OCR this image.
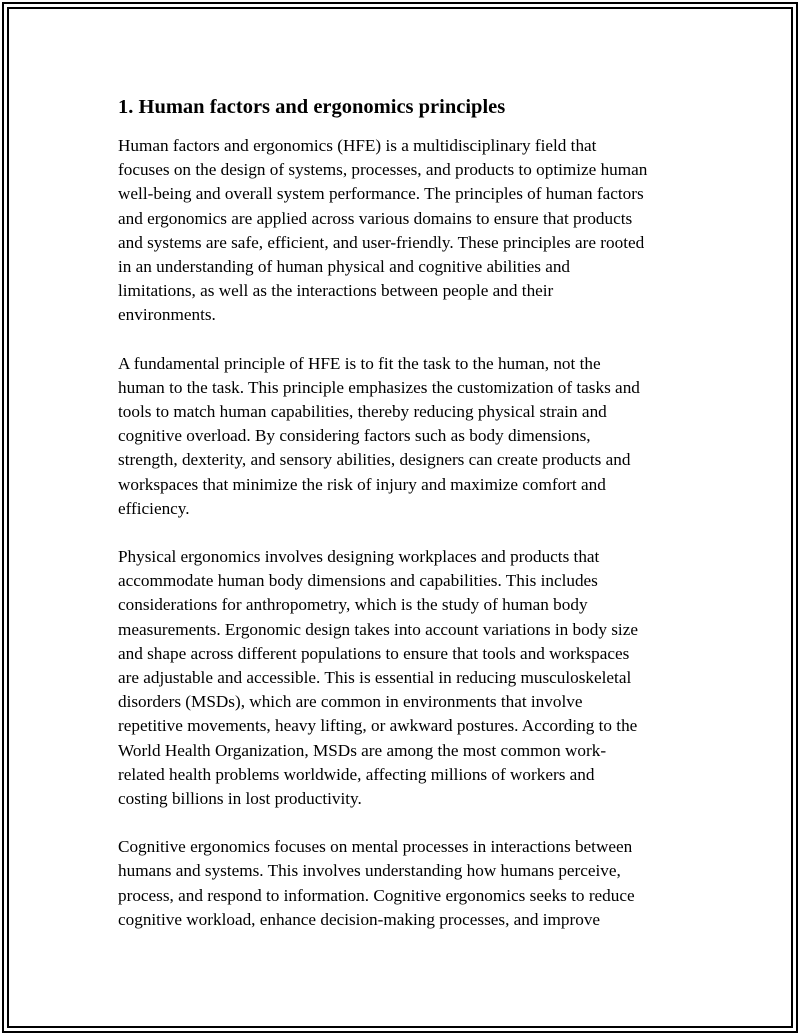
1. Human factors and ergonomics principles

Human factors and ergonomics (HFE) is a multidisciplinary field that
focuses on the design of systems, processes, and products to optimize human
well-being and overall system performance. The principles of human factors
and ergonomics are applied across various domains to ensure that products
and systems are safe, efficient, and user-friendly. These principles are rooted
in an understanding of human physical and cognitive abilities and
limitations, as well as the interactions between people and their
environments.

A fundamental principle of HFE is to fit the task to the human, not the
human to the task. This principle emphasizes the customization of tasks and
tools to match human capabilities, thereby reducing physical strain and
cognitive overload. By considering factors such as body dimensions,
strength, dexterity, and sensory abilities, designers can create products and
workspaces that minimize the risk of injury and maximize comfort and
efficiency.

Physical ergonomics involves designing workplaces and products that
accommodate human body dimensions and capabilities. This includes
considerations for anthropometry, which is the study of human body
measurements. Ergonomic design takes into account variations in body size
and shape across different populations to ensure that tools and workspaces
are adjustable and accessible. This is essential in reducing musculoskeletal
disorders (MSDs), which are common in environments that involve
repetitive movements, heavy lifting, or awkward postures. According to the
World Health Organization, MSDs are among the most common work-
related health problems worldwide, affecting millions of workers and
costing billions in lost productivity.

Cognitive ergonomics focuses on mental processes in interactions between
humans and systems. This involves understanding how humans perceive,
process, and respond to information. Cognitive ergonomics seeks to reduce
cognitive workload, enhance decision-making processes, and improve
